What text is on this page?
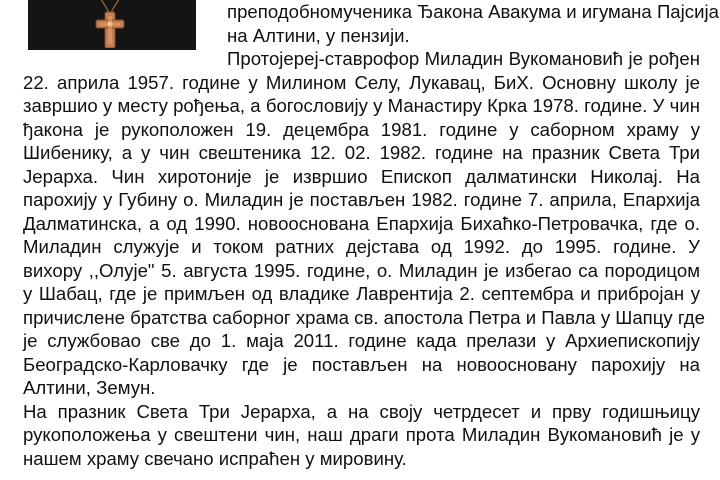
преподобномученика Ђакона Авакума и игумана Пајсија
на Алтини, у пензији.
Протојереј-ставрофор Миладин Вукомановић је рођен
22. априла 1957. године у Милином Селу, Лукавац, БиХ. Основну школу је
завршио у месту рођења, а богословију у Манастиру Крка 1978. године. У чин
ђакона је рукоположен 19. децембра 1981. године у саборном храму у
Шибенику, а у чин свештеника 12. 02. 1982. године на празник Света Три
Јерарха. Чин хиротоније је извршио Епископ далматински Николај. На
парохију у Губину о. Миладин је постављен 1982. године 7. априла, Епархија
Далматинска, а од 1990. новоoснована Епархија Бихаћко-Петровачка, где о.
Миладин служује и током ратних дејстава од 1992. до 1995. године. У
вихору ,,Олује" 5. августа 1995. године, о. Миладин је избегао са породицом
у Шабац, где је примљен од владике Лаврентија 2. септембра и прибројан у
причислене братства саборног храма св. апостола Петра и Павла у Шапцу где
је службовао све до 1. маја 2011. године када прелази у Архиепископију
Београдско-Карловачку где је постављен на новоосновану парохију на
Алтини, Земун.
На празник Света Три Јерарха, а на своју четрдесет и прву годишњицу
рукоположења у свештени чин, наш драги прота Миладин Вукомановић је у
нашем храму свечано испраћен у мировину.
